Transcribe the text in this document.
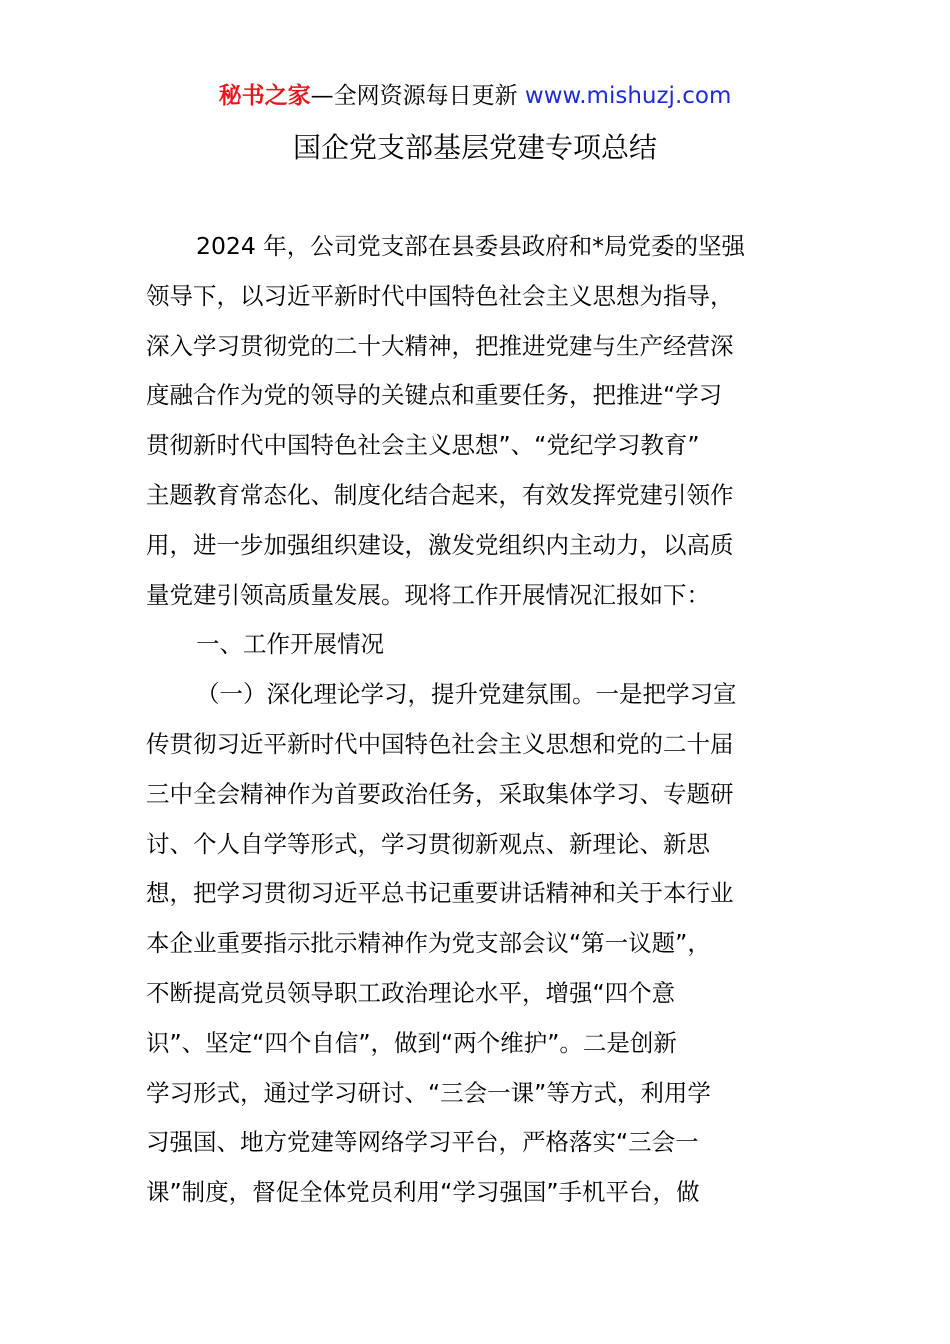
秘书之家—全网资源每日更新 www.mishuzj.com
国企党支部基层党建专项总结
2024 年，公司党支部在县委县政府和*局党委的坚强
领导下，以习近平新时代中国特色社会主义思想为指导，
深入学习贯彻党的二十大精神，把推进党建与生产经营深
度融合作为党的领导的关键点和重要任务，把推进“学习
贯彻新时代中国特色社会主义思想”、“党纪学习教育”
主题教育常态化、制度化结合起来，有效发挥党建引领作
用，进一步加强组织建设，激发党组织内主动力，以高质
量党建引领高质量发展。现将工作开展情况汇报如下：
一、工作开展情况
（一）深化理论学习，提升党建氛围。一是把学习宣
传贯彻习近平新时代中国特色社会主义思想和党的二十届
三中全会精神作为首要政治任务，采取集体学习、专题研
讨、个人自学等形式，学习贯彻新观点、新理论、新思
想，把学习贯彻习近平总书记重要讲话精神和关于本行业
本企业重要指示批示精神作为党支部会议“第一议题”，
不断提高党员领导职工政治理论水平，增强“四个意
识”、坚定“四个自信”，做到“两个维护”。二是创新
学习形式，通过学习研讨、“三会一课”等方式，利用学
习强国、地方党建等网络学习平台，严格落实“三会一
课”制度，督促全体党员利用“学习强国”手机平台，做
